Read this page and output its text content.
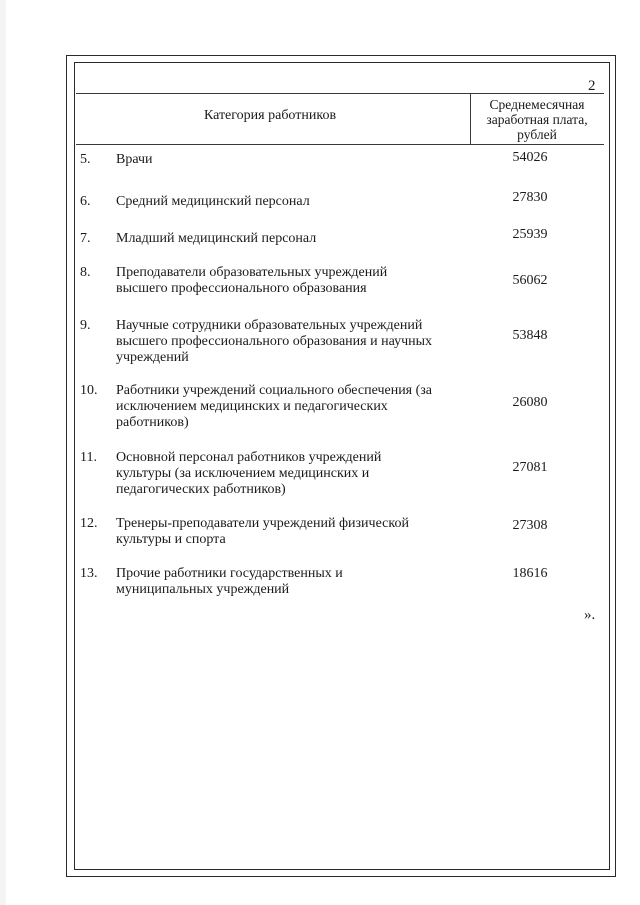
2
Категория работников
Среднемесячная
заработная плата,
рублей
5.	Врачи	54026
6.	Средний медицинский персонал	27830
7.	Младший медицинский персонал	25939
8.	Преподаватели образовательных учреждений
высшего профессионального образования
56062
9.	Научные сотрудники образовательных учреждений
высшего профессионального образования и научных
учреждений
53848
10.	Работники учреждений социального обеспечения (за
исключением медицинских и педагогических
работников)
26080
11.	Основной персонал работников учреждений
культуры (за исключением медицинских и
педагогических работников)
27081
12.	Тренеры-преподаватели учреждений физической
культуры и спорта
27308
13.	Прочие работники государственных и
муниципальных учреждений
18616
».
